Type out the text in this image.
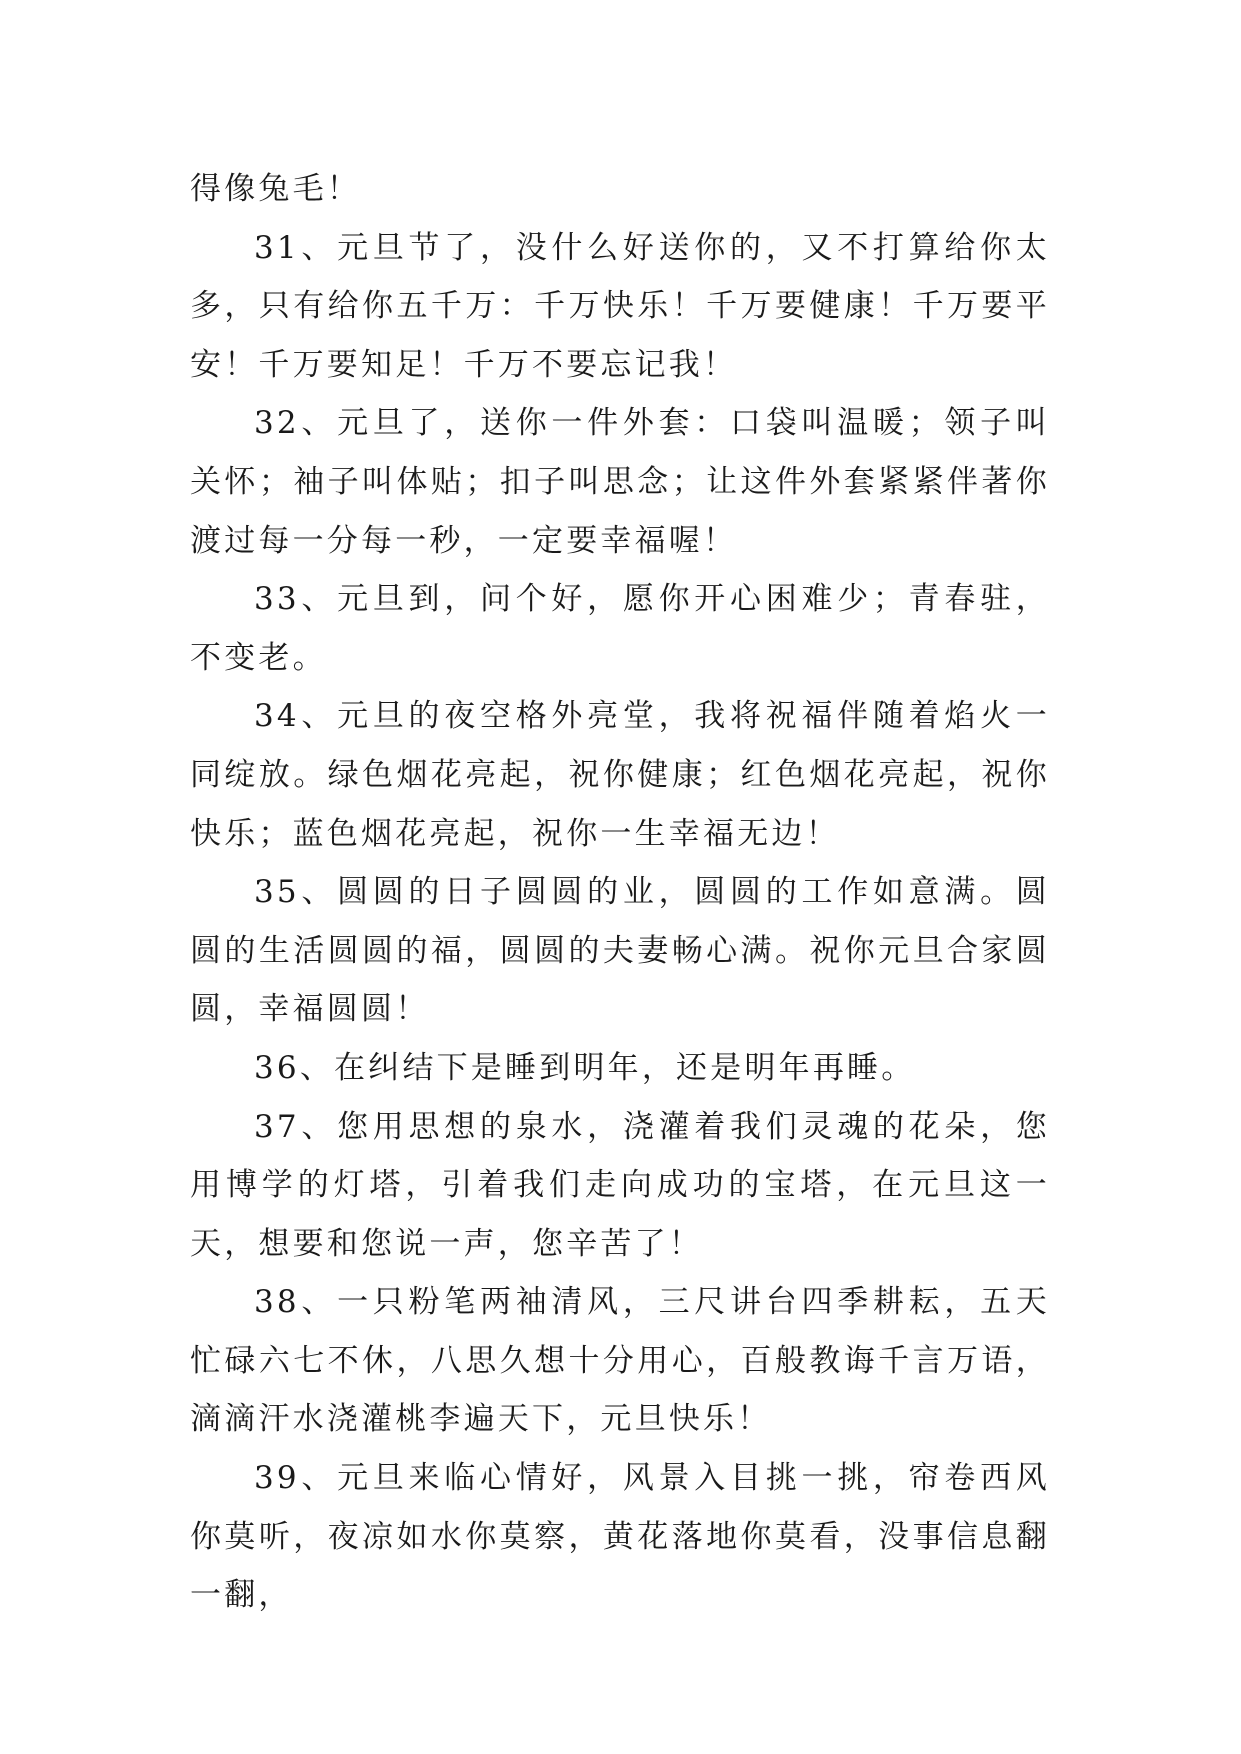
得像兔毛！

31、元旦节了，没什么好送你的，又不打算给你太多，只有给你五千万：千万快乐！千万要健康！千万要平安！千万要知足！千万不要忘记我！

32、元旦了，送你一件外套：口袋叫温暖；领子叫关怀；袖子叫体贴；扣子叫思念；让这件外套紧紧伴著你渡过每一分每一秒，一定要幸福喔！

33、元旦到，问个好，愿你开心困难少；青春驻，不变老。

34、元旦的夜空格外亮堂，我将祝福伴随着焰火一同绽放。绿色烟花亮起，祝你健康；红色烟花亮起，祝你快乐；蓝色烟花亮起，祝你一生幸福无边！

35、圆圆的日子圆圆的业，圆圆的工作如意满。圆圆的生活圆圆的福，圆圆的夫妻畅心满。祝你元旦合家圆圆，幸福圆圆！

36、在纠结下是睡到明年，还是明年再睡。

37、您用思想的泉水，浇灌着我们灵魂的花朵，您用博学的灯塔，引着我们走向成功的宝塔，在元旦这一天，想要和您说一声，您辛苦了！

38、一只粉笔两袖清风，三尺讲台四季耕耘，五天忙碌六七不休，八思久想十分用心，百般教诲千言万语，滴滴汗水浇灌桃李遍天下，元旦快乐！

39、元旦来临心情好，风景入目挑一挑，帘卷西风你莫听，夜凉如水你莫察，黄花落地你莫看，没事信息翻一翻，
